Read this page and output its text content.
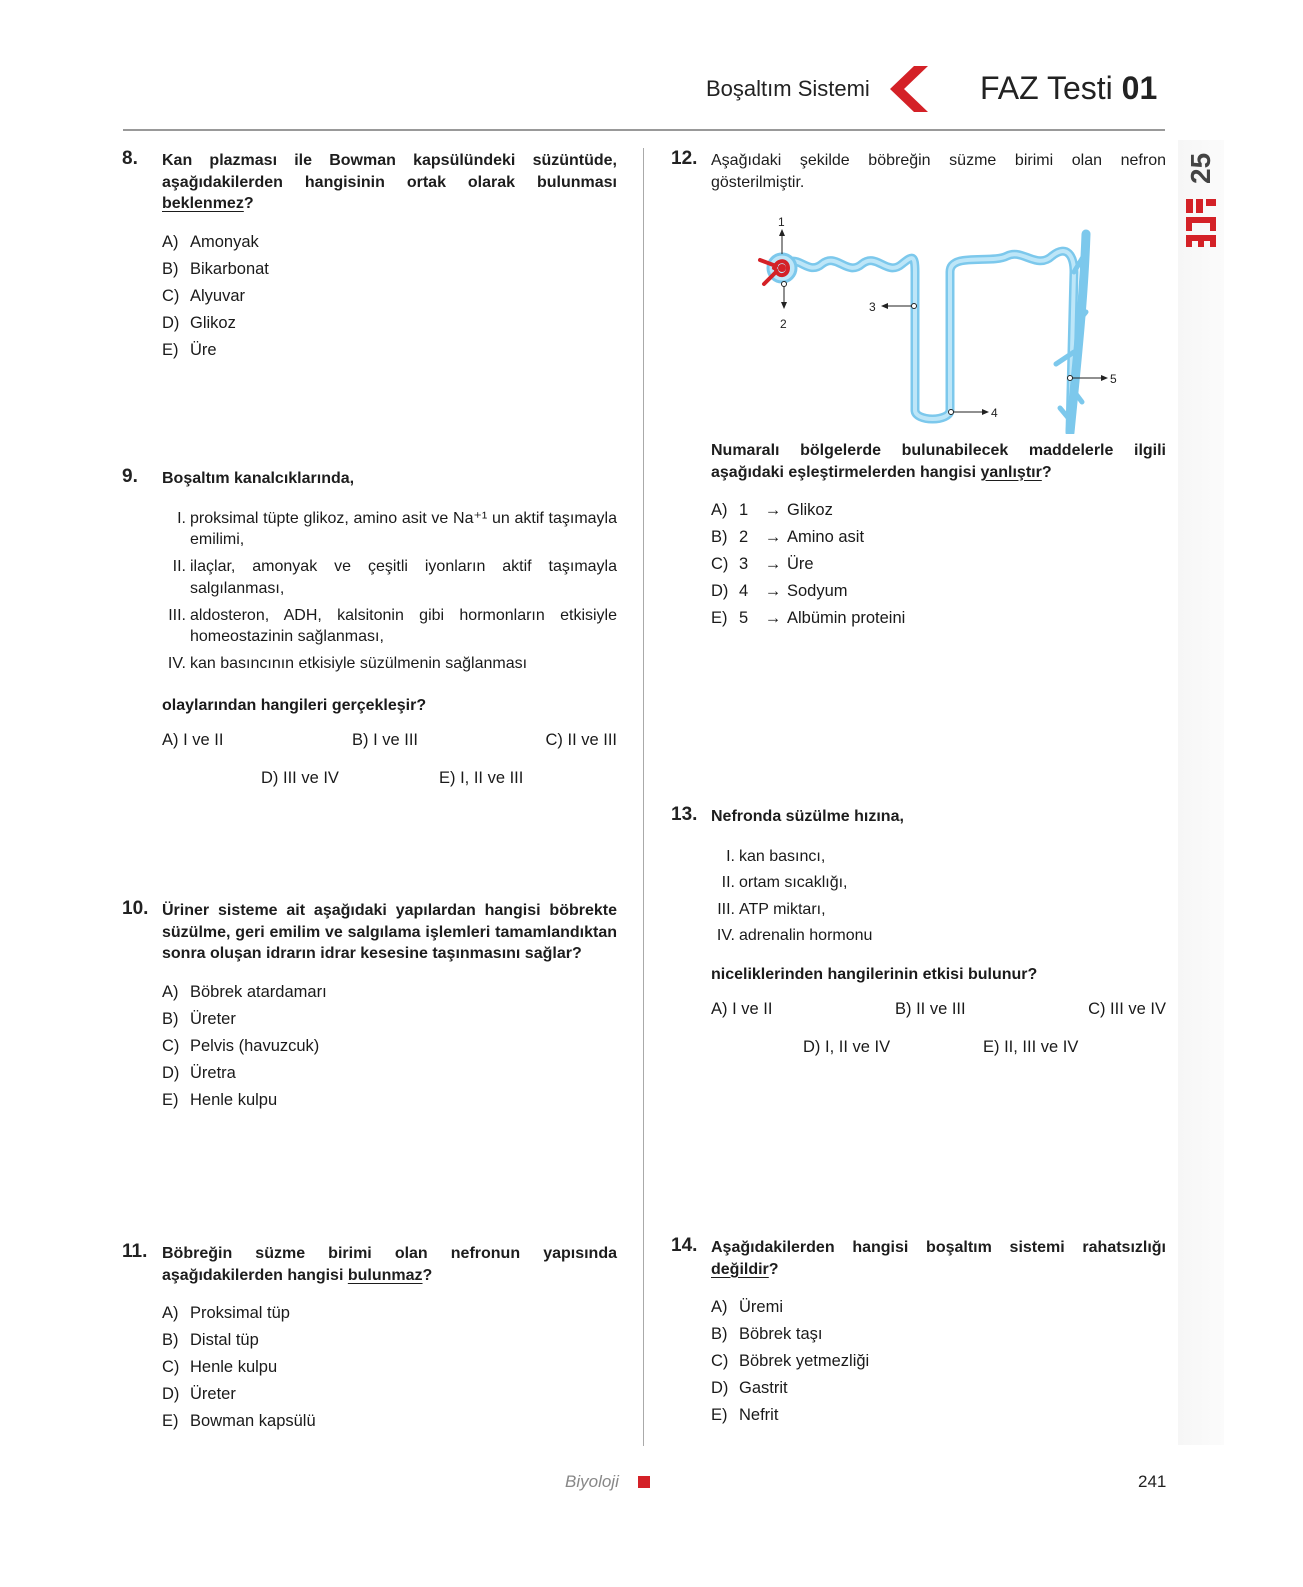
Boşaltım Sistemi	FAZ Testi 01
25
8. Kan plazması ile Bowman kapsülündeki süzüntüde, aşağıdakilerden hangisinin ortak olarak bulunması beklenmez?
A) Amonyak
B) Bikarbonat
C) Alyuvar
D) Glikoz
E) Üre
9. Boşaltım kanalcıklarında,
I. proksimal tüpte glikoz, amino asit ve Na⁺¹ un aktif taşımayla emilimi,
II. ilaçlar, amonyak ve çeşitli iyonların aktif taşımayla salgılanması,
III. aldosteron, ADH, kalsitonin gibi hormonların etkisiyle homeostazinin sağlanması,
IV. kan basıncının etkisiyle süzülmenin sağlanması
olaylarından hangileri gerçekleşir?
A) I ve II	B) I ve III	C) II ve III
D) III ve IV	E) I, II ve III
10. Üriner sisteme ait aşağıdaki yapılardan hangisi böbrekte süzülme, geri emilim ve salgılama işlemleri tamamlandıktan sonra oluşan idrarın idrar kesesine taşınmasını sağlar?
A) Böbrek atardamarı
B) Üreter
C) Pelvis (havuzcuk)
D) Üretra
E) Henle kulpu
11. Böbreğin süzme birimi olan nefronun yapısında aşağıdakilerden hangisi bulunmaz?
A) Proksimal tüp
B) Distal tüp
C) Henle kulpu
D) Üreter
E) Bowman kapsülü
12. Aşağıdaki şekilde böbreğin süzme birimi olan nefron gösterilmiştir.
1
2
3
4
5
Numaralı bölgelerde bulunabilecek maddelerle ilgili aşağıdaki eşleştirmelerden hangisi yanlıştır?
A) 1	→ Glikoz
B) 2	→ Amino asit
C) 3	→ Üre
D) 4	→ Sodyum
E) 5	→ Albümin proteini
13. Nefronda süzülme hızına,
I. kan basıncı,
II. ortam sıcaklığı,
III. ATP miktarı,
IV. adrenalin hormonu
niceliklerinden hangilerinin etkisi bulunur?
A) I ve II	B) II ve III	C) III ve IV
D) I, II ve IV	E) II, III ve IV
14. Aşağıdakilerden hangisi boşaltım sistemi rahatsızlığı değildir?
A) Üremi
B) Böbrek taşı
C) Böbrek yetmezliği
D) Gastrit
E) Nefrit
Biyoloji	241
